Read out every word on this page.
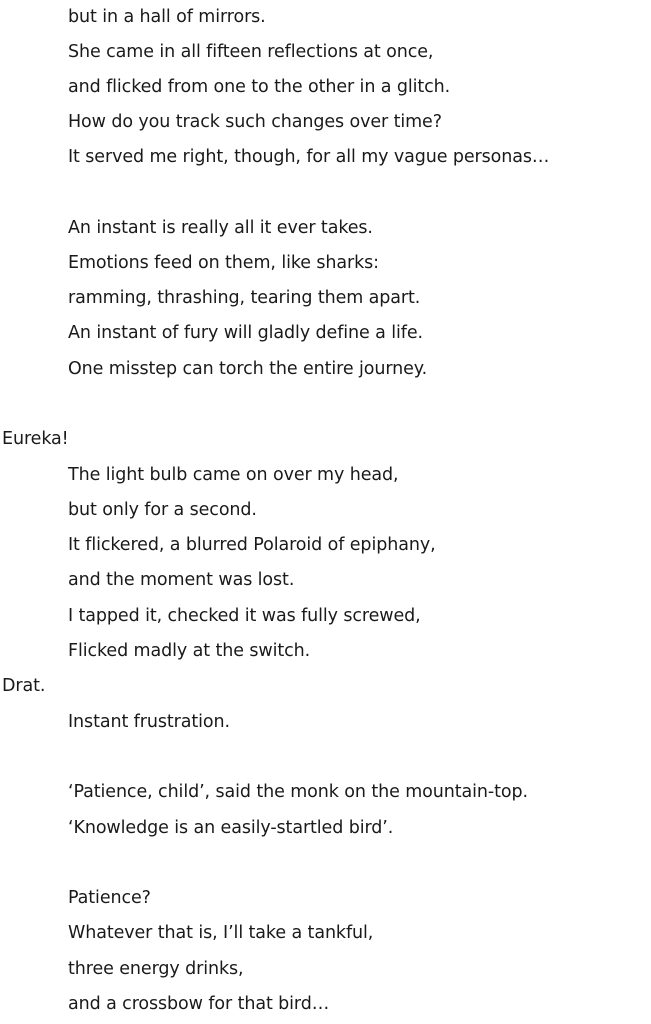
but in a hall of mirrors.
She came in all fifteen reflections at once,
and flicked from one to the other in a glitch.
How do you track such changes over time?
It served me right, though, for all my vague personas…
An instant is really all it ever takes.
Emotions feed on them, like sharks:
ramming, thrashing, tearing them apart.
An instant of fury will gladly define a life.
One misstep can torch the entire journey.
Eureka!
The light bulb came on over my head,
but only for a second.
It flickered, a blurred Polaroid of epiphany,
and the moment was lost.
I tapped it, checked it was fully screwed,
Flicked madly at the switch.
Drat.
Instant frustration.
‘Patience, child’, said the monk on the mountain-top.
‘Knowledge is an easily-startled bird’.
Patience?
Whatever that is, I’ll take a tankful,
three energy drinks,
and a crossbow for that bird…
